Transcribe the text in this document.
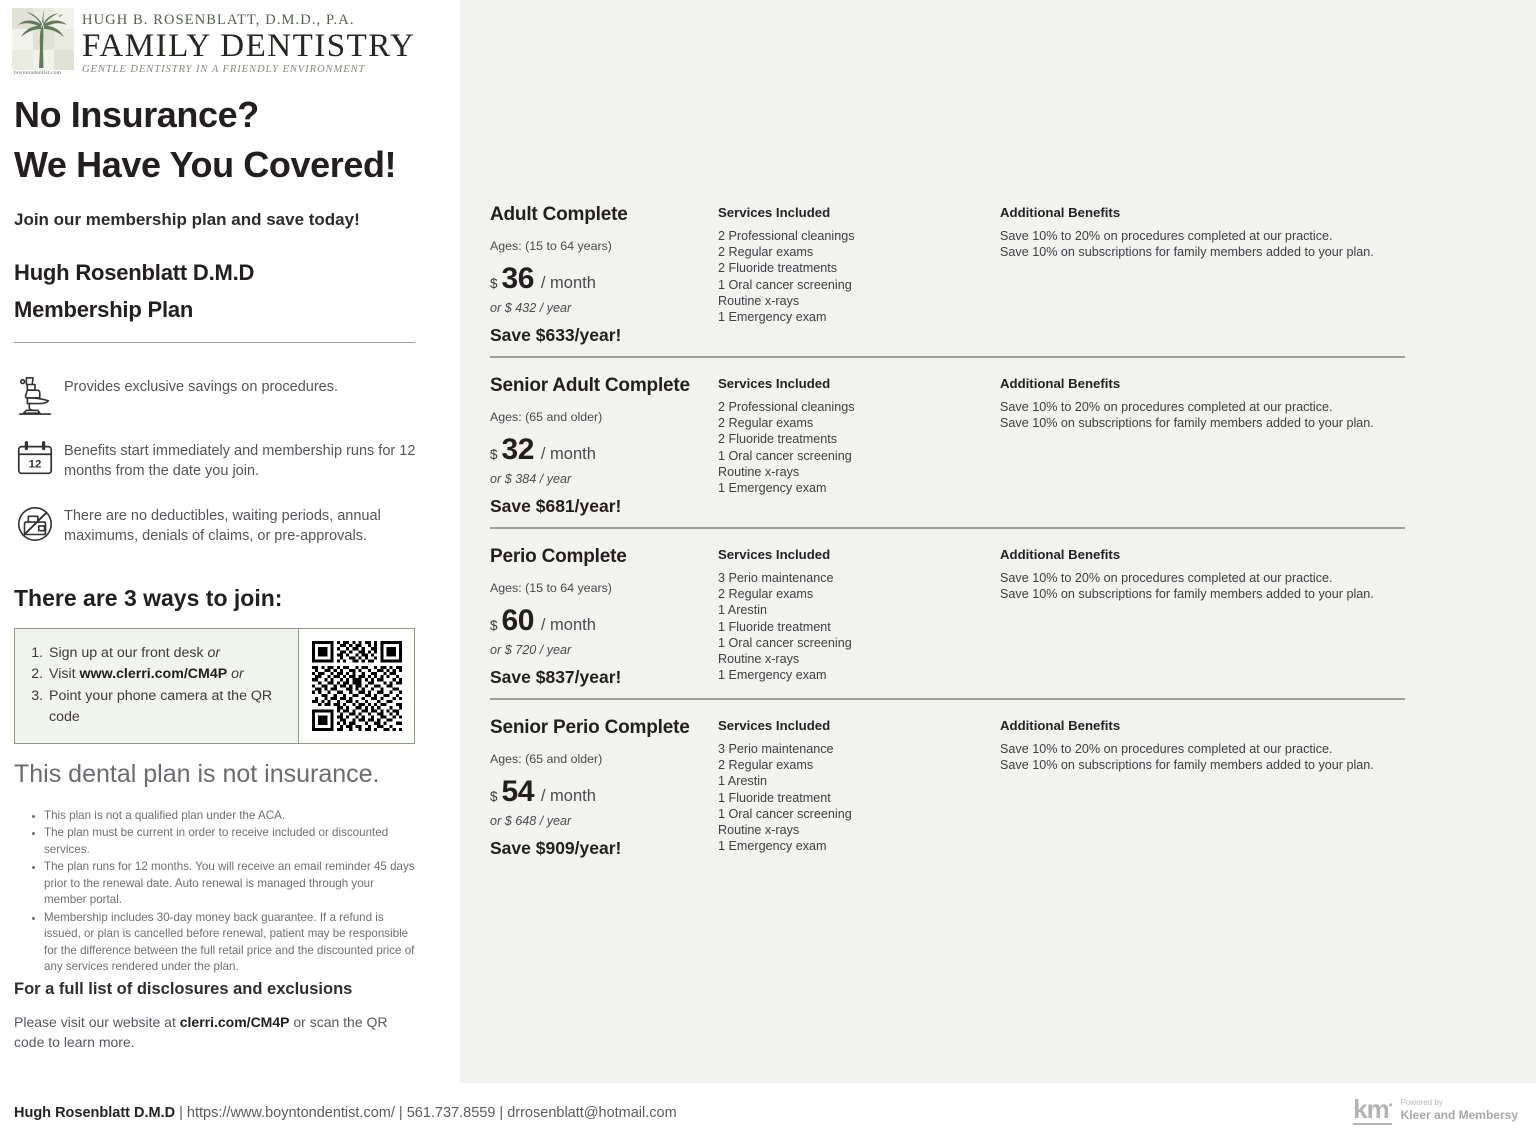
boyntondentist.com
HUGH B. ROSENBLATT, D.M.D., P.A.
FAMILY DENTISTRY
GENTLE DENTISTRY IN A FRIENDLY ENVIRONMENT
No Insurance?
We Have You Covered!
Join our membership plan and save today!
Hugh Rosenblatt D.M.D
Membership Plan
Provides exclusive savings on procedures.
12
Benefits start immediately and membership runs for 12 months from the date you join.
There are no deductibles, waiting periods, annual maximums, denials of claims, or pre-approvals.
There are 3 ways to join:
1. Sign up at our front desk or
2. Visit www.clerri.com/CM4P or
3. Point your phone camera at the QR code
This dental plan is not insurance.
• This plan is not a qualified plan under the ACA.
• The plan must be current in order to receive included or discounted services.
• The plan runs for 12 months. You will receive an email reminder 45 days prior to the renewal date. Auto renewal is managed through your member portal.
• Membership includes 30-day money back guarantee. If a refund is issued, or plan is cancelled before renewal, patient may be responsible for the difference between the full retail price and the discounted price of any services rendered under the plan.
For a full list of disclosures and exclusions
Please visit our website at clerri.com/CM4P or scan the QR code to learn more.

Adult Complete

Ages: (15 to 64 years)
$ 36 / month
or $ 432 / year
Save $633/year!

Services Included

2 Professional cleanings
2 Regular exams
2 Fluoride treatments
1 Oral cancer screening
Routine x-rays
1 Emergency exam

Additional Benefits

Save 10% to 20% on procedures completed at our practice.
Save 10% on subscriptions for family members added to your plan.

Senior Adult Complete

Ages: (65 and older)
$ 32 / month
or $ 384 / year
Save $681/year!

Services Included

2 Professional cleanings
2 Regular exams
2 Fluoride treatments
1 Oral cancer screening
Routine x-rays
1 Emergency exam

Additional Benefits

Save 10% to 20% on procedures completed at our practice.
Save 10% on subscriptions for family members added to your plan.

Perio Complete

Ages: (15 to 64 years)
$ 60 / month
or $ 720 / year
Save $837/year!

Services Included

3 Perio maintenance
2 Regular exams
1 Arestin
1 Fluoride treatment
1 Oral cancer screening
Routine x-rays
1 Emergency exam

Additional Benefits

Save 10% to 20% on procedures completed at our practice.
Save 10% on subscriptions for family members added to your plan.

Senior Perio Complete

Ages: (65 and older)
$ 54 / month
or $ 648 / year
Save $909/year!

Services Included

3 Perio maintenance
2 Regular exams
1 Arestin
1 Fluoride treatment
1 Oral cancer screening
Routine x-rays
1 Emergency exam

Additional Benefits

Save 10% to 20% on procedures completed at our practice.
Save 10% on subscriptions for family members added to your plan.
Hugh Rosenblatt D.M.D | https://www.boyntondentist.com/ | 561.737.8559 | drrosenblatt@hotmail.com	km• Powered by
Kleer and Membersy
